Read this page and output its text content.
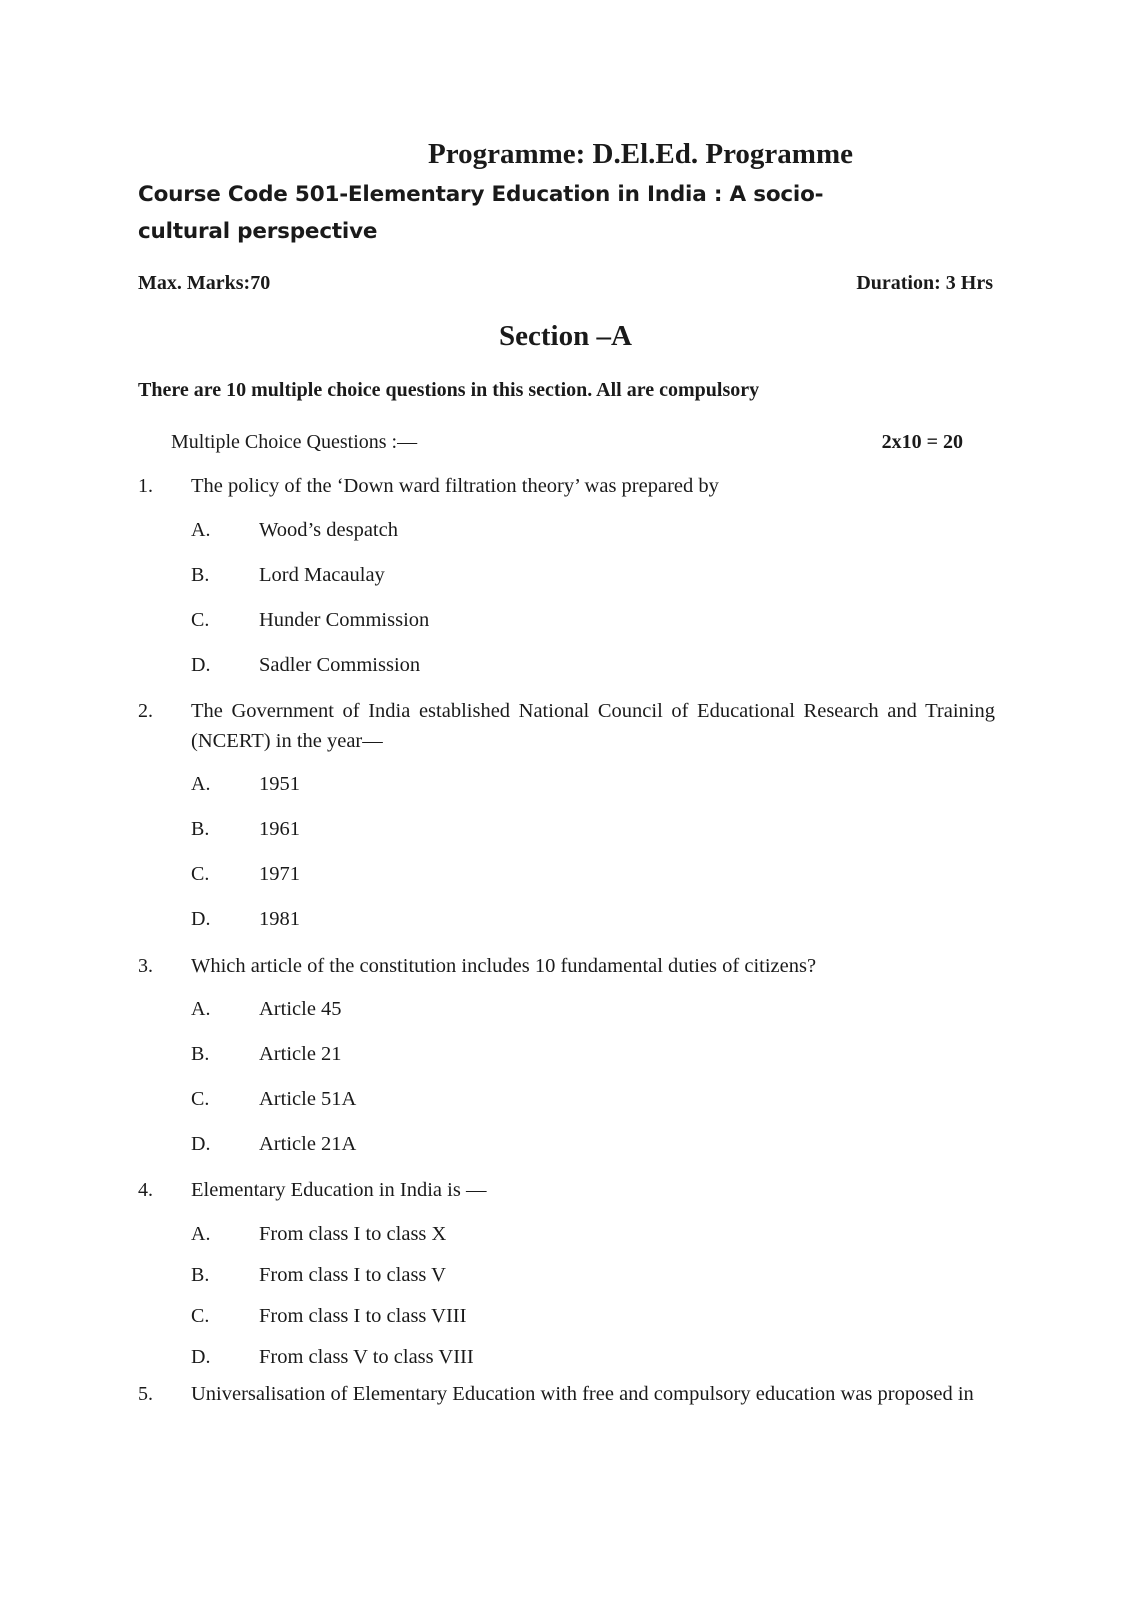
Programme: D.El.Ed. Programme
Course Code 501-Elementary Education in India : A socio-cultural perspective
Max. Marks:70	Duration: 3 Hrs
Section –A
There are 10 multiple choice questions in this section. All are compulsory
Multiple Choice Questions :—	2x10 = 20
1. The policy of the ‘Down ward filtration theory’ was prepared by
A. Wood’s despatch
B. Lord Macaulay
C. Hunder Commission
D. Sadler Commission
2. The Government of India established National Council of Educational Research and Training (NCERT) in the year—
A. 1951
B. 1961
C. 1971
D. 1981
3. Which article of the constitution includes 10 fundamental duties of citizens?
A. Article 45
B. Article 21
C. Article 51A
D. Article 21A
4. Elementary Education in India is —
A. From class I to class X
B. From class I to class V
C. From class I to class VIII
D. From class V to class VIII
5. Universalisation of Elementary Education with free and compulsory education was proposed in
